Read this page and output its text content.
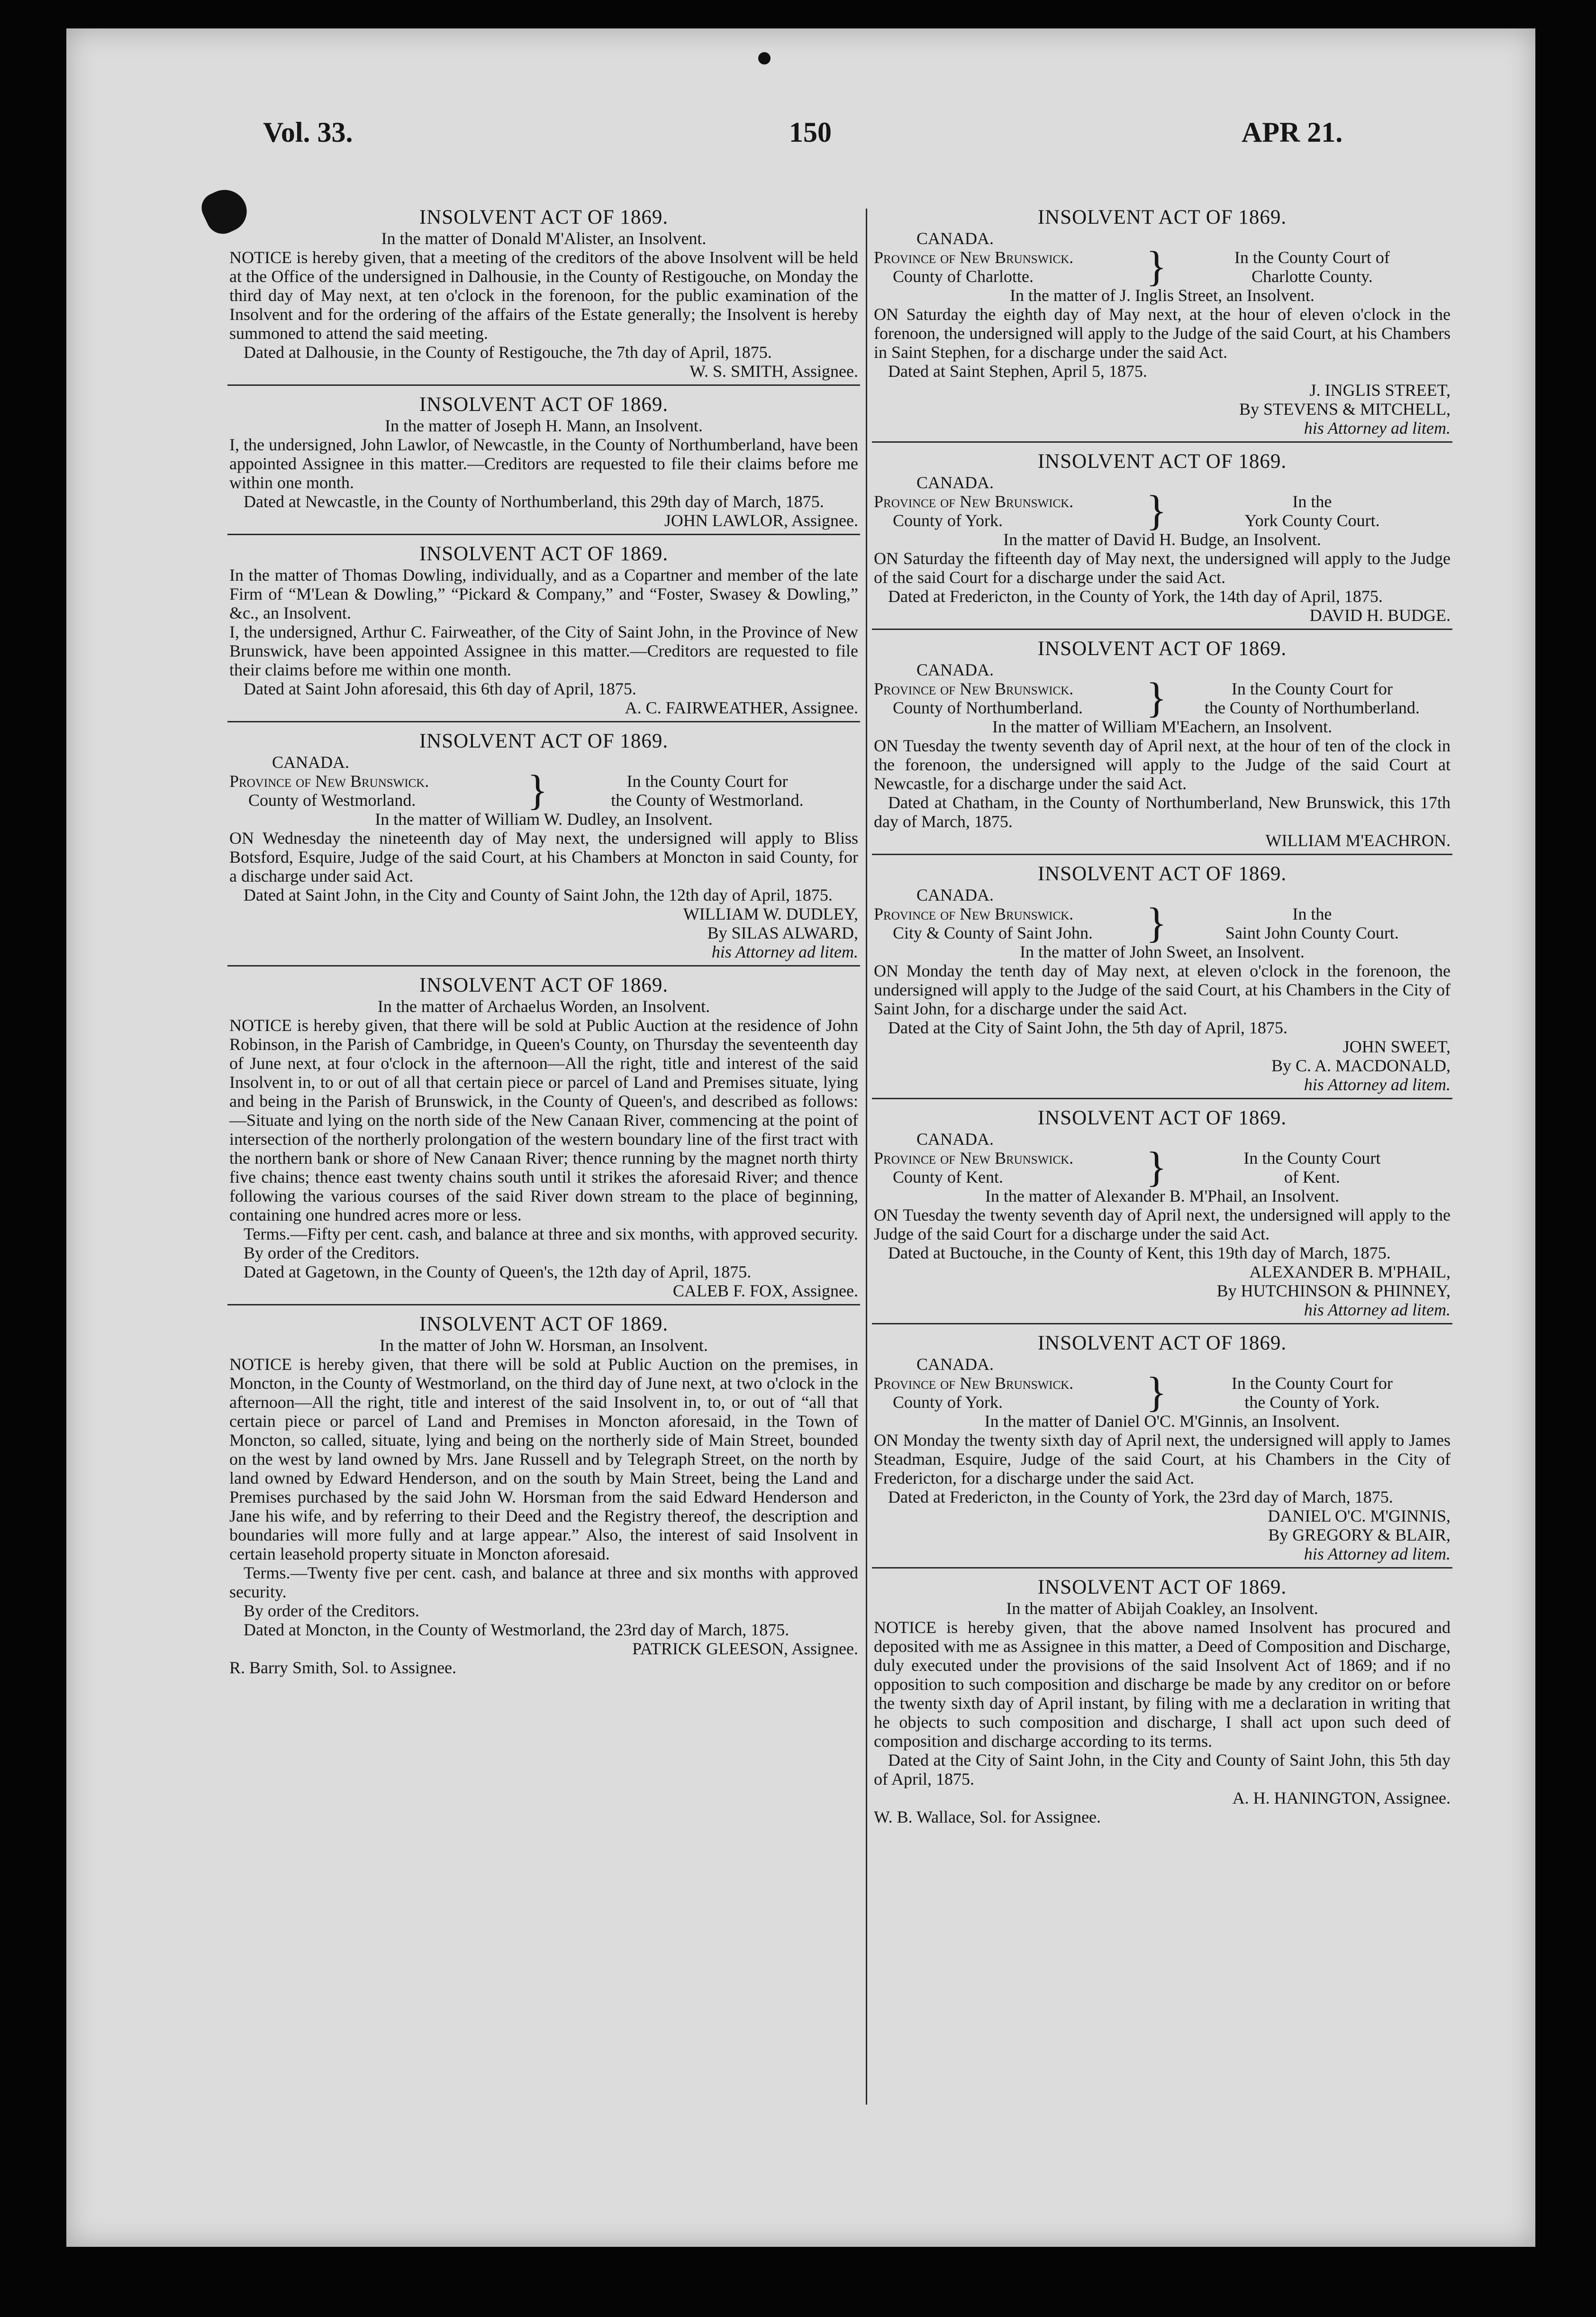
Vol. 33.	150	APR 21.
INSOLVENT ACT OF 1869.
In the matter of Donald M'Alister, an Insolvent.

NOTICE is hereby given, that a meeting of the creditors of the above Insolvent will be held at the Office of the undersigned in Dalhousie, in the County of Restigouche, on Monday the third day of May next, at ten o'clock in the forenoon, for the public examination of the Insolvent and for the ordering of the affairs of the Estate generally; the Insolvent is hereby summoned to attend the said meeting.

Dated at Dalhousie, in the County of Restigouche, the 7th day of April, 1875.

W. S. SMITH, Assignee.
INSOLVENT ACT OF 1869.
In the matter of Joseph H. Mann, an Insolvent.

I, the undersigned, John Lawlor, of Newcastle, in the County of Northumberland, have been appointed Assignee in this matter.—Creditors are requested to file their claims before me within one month.

Dated at Newcastle, in the County of Northumberland, this 29th day of March, 1875.

JOHN LAWLOR, Assignee.
INSOLVENT ACT OF 1869.

In the matter of Thomas Dowling, individually, and as a Copartner and member of the late Firm of “M'Lean & Dowling,” “Pickard & Company,” and “Foster, Swasey & Dowling,” &c., an Insolvent.

I, the undersigned, Arthur C. Fairweather, of the City of Saint John, in the Province of New Brunswick, have been appointed Assignee in this matter.—Creditors are requested to file their claims before me within one month.

Dated at Saint John aforesaid, this 6th day of April, 1875.

A. C. FAIRWEATHER, Assignee.
INSOLVENT ACT OF 1869.
CANADA.
Province of New Brunswick.
County of Westmorland.	}	In the County Court for
the County of Westmorland.
In the matter of William W. Dudley, an Insolvent.

ON Wednesday the nineteenth day of May next, the undersigned will apply to Bliss Botsford, Esquire, Judge of the said Court, at his Chambers at Moncton in said County, for a discharge under said Act.

Dated at Saint John, in the City and County of Saint John, the 12th day of April, 1875.

WILLIAM W. DUDLEY,
By SILAS ALWARD,
his Attorney ad litem.
INSOLVENT ACT OF 1869.
In the matter of Archaelus Worden, an Insolvent.

NOTICE is hereby given, that there will be sold at Public Auction at the residence of John Robinson, in the Parish of Cambridge, in Queen's County, on Thursday the seventeenth day of June next, at four o'clock in the afternoon—All the right, title and interest of the said Insolvent in, to or out of all that certain piece or parcel of Land and Premises situate, lying and being in the Parish of Brunswick, in the County of Queen's, and described as follows:—Situate and lying on the north side of the New Canaan River, commencing at the point of intersection of the northerly prolongation of the western boundary line of the first tract with the northern bank or shore of New Canaan River; thence running by the magnet north thirty five chains; thence east twenty chains south until it strikes the aforesaid River; and thence following the various courses of the said River down stream to the place of beginning, containing one hundred acres more or less.

Terms.—Fifty per cent. cash, and balance at three and six months, with approved security.

By order of the Creditors.

Dated at Gagetown, in the County of Queen's, the 12th day of April, 1875.

CALEB F. FOX, Assignee.
INSOLVENT ACT OF 1869.
In the matter of John W. Horsman, an Insolvent.

NOTICE is hereby given, that there will be sold at Public Auction on the premises, in Moncton, in the County of Westmorland, on the third day of June next, at two o'clock in the afternoon—All the right, title and interest of the said Insolvent in, to, or out of “all that certain piece or parcel of Land and Premises in Moncton aforesaid, in the Town of Moncton, so called, situate, lying and being on the northerly side of Main Street, bounded on the west by land owned by Mrs. Jane Russell and by Telegraph Street, on the north by land owned by Edward Henderson, and on the south by Main Street, being the Land and Premises purchased by the said John W. Horsman from the said Edward Henderson and Jane his wife, and by referring to their Deed and the Registry thereof, the description and boundaries will more fully and at large appear.” Also, the interest of said Insolvent in certain leasehold property situate in Moncton aforesaid.

Terms.—Twenty five per cent. cash, and balance at three and six months with approved security.

By order of the Creditors.

Dated at Moncton, in the County of Westmorland, the 23rd day of March, 1875.

PATRICK GLEESON, Assignee.
R. Barry Smith, Sol. to Assignee.
INSOLVENT ACT OF 1869.
CANADA.
Province of New Brunswick.
County of Charlotte.	}	In the County Court of
Charlotte County.
In the matter of J. Inglis Street, an Insolvent.

ON Saturday the eighth day of May next, at the hour of eleven o'clock in the forenoon, the undersigned will apply to the Judge of the said Court, at his Chambers in Saint Stephen, for a discharge under the said Act.

Dated at Saint Stephen, April 5, 1875.

J. INGLIS STREET,
By STEVENS & MITCHELL,
his Attorney ad litem.
INSOLVENT ACT OF 1869.
CANADA.
Province of New Brunswick.
County of York.	}	In the
York County Court.
In the matter of David H. Budge, an Insolvent.

ON Saturday the fifteenth day of May next, the undersigned will apply to the Judge of the said Court for a discharge under the said Act.

Dated at Fredericton, in the County of York, the 14th day of April, 1875.

DAVID H. BUDGE.
INSOLVENT ACT OF 1869.
CANADA.
Province of New Brunswick.
County of Northumberland.	}	In the County Court for
the County of Northumberland.
In the matter of William M'Eachern, an Insolvent.

ON Tuesday the twenty seventh day of April next, at the hour of ten of the clock in the forenoon, the undersigned will apply to the Judge of the said Court at Newcastle, for a discharge under the said Act.

Dated at Chatham, in the County of Northumberland, New Brunswick, this 17th day of March, 1875.

WILLIAM M'EACHRON.
INSOLVENT ACT OF 1869.
CANADA.
Province of New Brunswick.
City & County of Saint John.	}	In the
Saint John County Court.
In the matter of John Sweet, an Insolvent.

ON Monday the tenth day of May next, at eleven o'clock in the forenoon, the undersigned will apply to the Judge of the said Court, at his Chambers in the City of Saint John, for a discharge under the said Act.

Dated at the City of Saint John, the 5th day of April, 1875.

JOHN SWEET,
By C. A. MACDONALD,
his Attorney ad litem.
INSOLVENT ACT OF 1869.
CANADA.
Province of New Brunswick.
County of Kent.	}	In the County Court
of Kent.
In the matter of Alexander B. M'Phail, an Insolvent.

ON Tuesday the twenty seventh day of April next, the undersigned will apply to the Judge of the said Court for a discharge under the said Act.

Dated at Buctouche, in the County of Kent, this 19th day of March, 1875.

ALEXANDER B. M'PHAIL,
By HUTCHINSON & PHINNEY,
his Attorney ad litem.
INSOLVENT ACT OF 1869.
CANADA.
Province of New Brunswick.
County of York.	}	In the County Court for
the County of York.
In the matter of Daniel O'C. M'Ginnis, an Insolvent.

ON Monday the twenty sixth day of April next, the undersigned will apply to James Steadman, Esquire, Judge of the said Court, at his Chambers in the City of Fredericton, for a discharge under the said Act.

Dated at Fredericton, in the County of York, the 23rd day of March, 1875.

DANIEL O'C. M'GINNIS,
By GREGORY & BLAIR,
his Attorney ad litem.
INSOLVENT ACT OF 1869.
In the matter of Abijah Coakley, an Insolvent.

NOTICE is hereby given, that the above named Insolvent has procured and deposited with me as Assignee in this matter, a Deed of Composition and Discharge, duly executed under the provisions of the said Insolvent Act of 1869; and if no opposition to such composition and discharge be made by any creditor on or before the twenty sixth day of April instant, by filing with me a declaration in writing that he objects to such composition and discharge, I shall act upon such deed of composition and discharge according to its terms.

Dated at the City of Saint John, in the City and County of Saint John, this 5th day of April, 1875.

A. H. HANINGTON, Assignee.
W. B. Wallace, Sol. for Assignee.
